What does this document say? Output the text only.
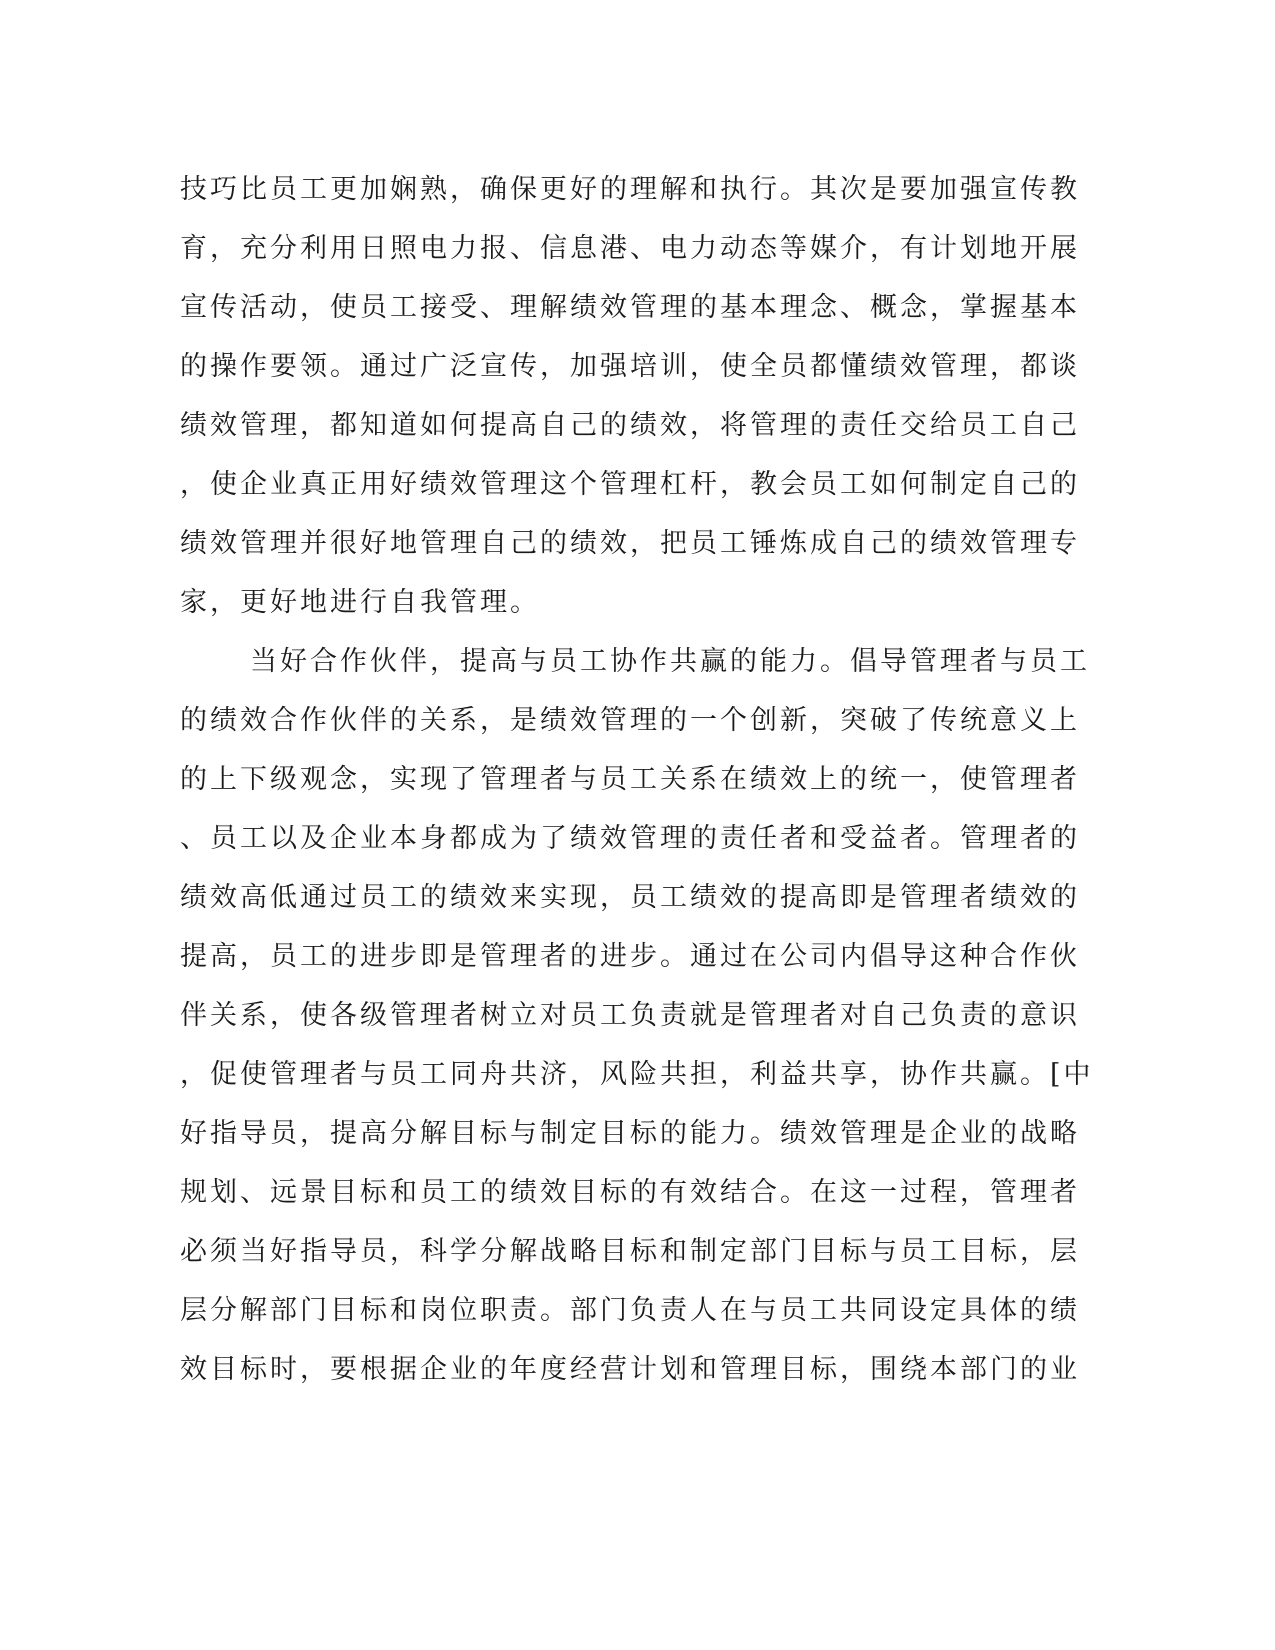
技巧比员工更加娴熟，确保更好的理解和执行。其次是要加强宣传教
育，充分利用日照电力报、信息港、电力动态等媒介，有计划地开展
宣传活动，使员工接受、理解绩效管理的基本理念、概念，掌握基本
的操作要领。通过广泛宣传，加强培训，使全员都懂绩效管理，都谈
绩效管理，都知道如何提高自己的绩效，将管理的责任交给员工自己
，使企业真正用好绩效管理这个管理杠杆，教会员工如何制定自己的
绩效管理并很好地管理自己的绩效，把员工锤炼成自己的绩效管理专
家，更好地进行自我管理。
当好合作伙伴，提高与员工协作共赢的能力。倡导管理者与员工
的绩效合作伙伴的关系，是绩效管理的一个创新，突破了传统意义上
的上下级观念，实现了管理者与员工关系在绩效上的统一，使管理者
、员工以及企业本身都成为了绩效管理的责任者和受益者。管理者的
绩效高低通过员工的绩效来实现，员工绩效的提高即是管理者绩效的
提高，员工的进步即是管理者的进步。通过在公司内倡导这种合作伙
伴关系，使各级管理者树立对员工负责就是管理者对自己负责的意识
，促使管理者与员工同舟共济，风险共担，利益共享，协作共赢。[中
好指导员，提高分解目标与制定目标的能力。绩效管理是企业的战略
规划、远景目标和员工的绩效目标的有效结合。在这一过程，管理者
必须当好指导员，科学分解战略目标和制定部门目标与员工目标，层
层分解部门目标和岗位职责。部门负责人在与员工共同设定具体的绩
效目标时，要根据企业的年度经营计划和管理目标，围绕本部门的业
